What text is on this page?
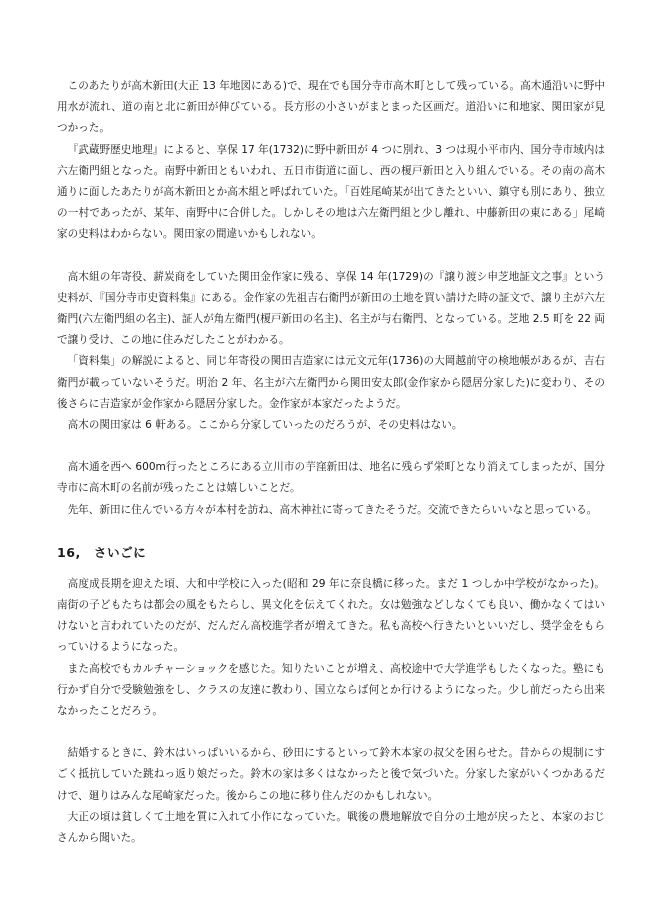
このあたりが高木新田(大正 13 年地図にある)で、現在でも国分寺市高木町として残っている。高木通沿いに野中用水が流れ、道の南と北に新田が伸びている。長方形の小さいがまとまった区画だ。道沿いに和地家、関田家が見つかった。

『武蔵野歴史地理』によると、享保 17 年(1732)に野中新田が 4 つに別れ、3 つは現小平市内、国分寺市域内は六左衛門組となった。南野中新田ともいわれ、五日市街道に面し、西の榎戸新田と入り組んでいる。その南の高木通りに面したあたりが高木新田とか高木組と呼ばれていた。「百姓尾崎某が出てきたといい、鎮守も別にあり、独立の一村であったが、某年、南野中に合併した。しかしその地は六左衛門組と少し離れ、中藤新田の東にある」尾崎家の史料はわからない。関田家の間違いかもしれない。

高木組の年寄役、薪炭商をしていた関田金作家に残る、享保 14 年(1729)の『譲り渡シ申芝地証文之事』という史料が、『国分寺市史資料集』にある。金作家の先祖吉右衛門が新田の土地を買い請けた時の証文で、譲り主が六左衛門(六左衛門組の名主)、証人が角左衛門(榎戸新田の名主)、名主が与右衛門、となっている。芝地 2.5 町を 22 両で譲り受け、この地に住みだしたことがわかる。

「資料集」の解説によると、同じ年寄役の関田吉造家には元文元年(1736)の大岡越前守の検地帳があるが、吉右衛門が載っていないそうだ。明治 2 年、名主が六左衛門から関田安太郎(金作家から隠居分家した)に変わり、その後さらに吉造家が金作家から隠居分家した。金作家が本家だったようだ。

高木の関田家は 6 軒ある。ここから分家していったのだろうが、その史料はない。

高木通を西へ 600m行ったところにある立川市の芋窪新田は、地名に残らず栄町となり消えてしまったが、国分寺市に高木町の名前が残ったことは嬉しいことだ。

先年、新田に住んでいる方々が本村を訪ね、高木神社に寄ってきたそうだ。交流できたらいいなと思っている。

16,　さいごに

高度成長期を迎えた頃、大和中学校に入った(昭和 29 年に奈良橋に移った。まだ 1 つしか中学校がなかった)。南街の子どもたちは都会の風をもたらし、異文化を伝えてくれた。女は勉強などしなくても良い、働かなくてはいけないと言われていたのだが、だんだん高校進学者が増えてきた。私も高校へ行きたいといいだし、奨学金をもらっていけるようになった。

また高校でもカルチャーショックを感じた。知りたいことが増え、高校途中で大学進学もしたくなった。塾にも行かず自分で受験勉強をし、クラスの友達に教わり、国立ならば何とか行けるようになった。少し前だったら出来なかったことだろう。

結婚するときに、鈴木はいっぱいいるから、砂田にするといって鈴木本家の叔父を困らせた。昔からの規制にすごく抵抗していた跳ねっ返り娘だった。鈴木の家は多くはなかったと後で気づいた。分家した家がいくつかあるだけで、廻りはみんな尾崎家だった。後からこの地に移り住んだのかもしれない。

大正の頃は貧しくて土地を質に入れて小作になっていた。戦後の農地解放で自分の土地が戻ったと、本家のおじさんから聞いた。
